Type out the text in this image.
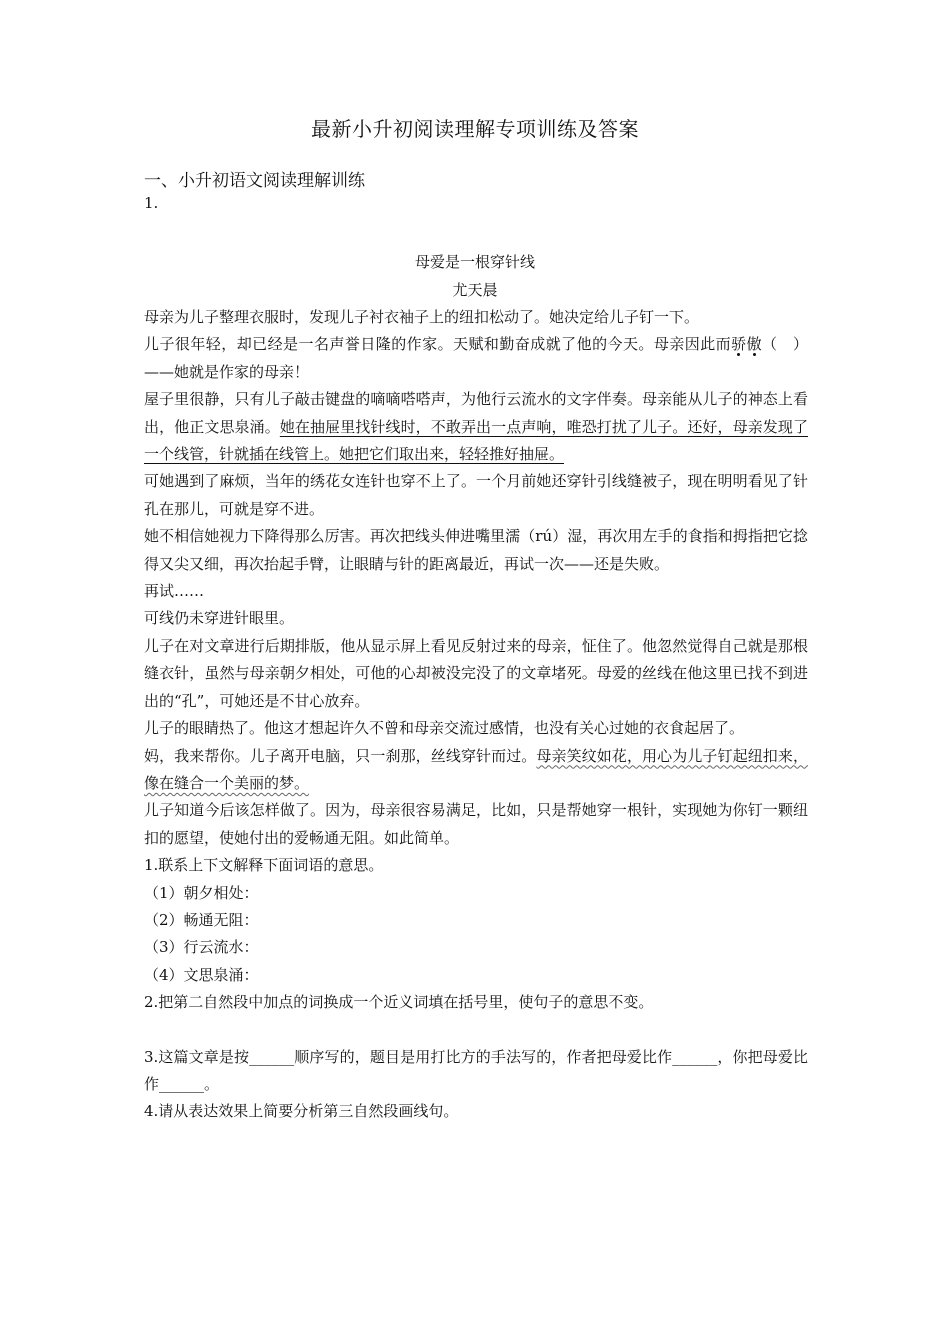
最新小升初阅读理解专项训练及答案
一、小升初语文阅读理解训练
1.
母爱是一根穿针线
尤天晨

母亲为儿子整理衣服时，发现儿子衬衣袖子上的纽扣松动了。她决定给儿子钉一下。

儿子很年轻，却已经是一名声誉日隆的作家。天赋和勤奋成就了他的今天。母亲因此而骄傲（　）——她就是作家的母亲！

屋子里很静，只有儿子敲击键盘的嘀嘀嗒嗒声，为他行云流水的文字伴奏。母亲能从儿子的神态上看出，他正文思泉涌。她在抽屉里找针线时，不敢弄出一点声响，唯恐打扰了儿子。还好，母亲发现了一个线管，针就插在线管上。她把它们取出来，轻轻推好抽屉。

可她遇到了麻烦，当年的绣花女连针也穿不上了。一个月前她还穿针引线缝被子，现在明明看见了针孔在那儿，可就是穿不进。

她不相信她视力下降得那么厉害。再次把线头伸进嘴里濡（rú）湿，再次用左手的食指和拇指把它捻得又尖又细，再次抬起手臂，让眼睛与针的距离最近，再试一次——还是失败。

再试……

可线仍未穿进针眼里。

儿子在对文章进行后期排版，他从显示屏上看见反射过来的母亲，怔住了。他忽然觉得自己就是那根缝衣针，虽然与母亲朝夕相处，可他的心却被没完没了的文章堵死。母爱的丝线在他这里已找不到进出的“孔”，可她还是不甘心放弃。

儿子的眼睛热了。他这才想起许久不曾和母亲交流过感情，也没有关心过她的衣食起居了。

妈，我来帮你。儿子离开电脑，只一刹那，丝线穿针而过。母亲笑纹如花，用心为儿子钉起纽扣来，像在缝合一个美丽的梦。

儿子知道今后该怎样做了。因为，母亲很容易满足，比如，只是帮她穿一根针，实现她为你钉一颗纽扣的愿望，使她付出的爱畅通无阻。如此简单。

1.联系上下文解释下面词语的意思。

（1）朝夕相处：

（2）畅通无阻：

（3）行云流水：

（4）文思泉涌：

2.把第二自然段中加点的词换成一个近义词填在括号里，使句子的意思不变。

3.这篇文章是按______顺序写的，题目是用打比方的手法写的，作者把母爱比作______，你把母爱比作______。

4.请从表达效果上简要分析第三自然段画线句。
